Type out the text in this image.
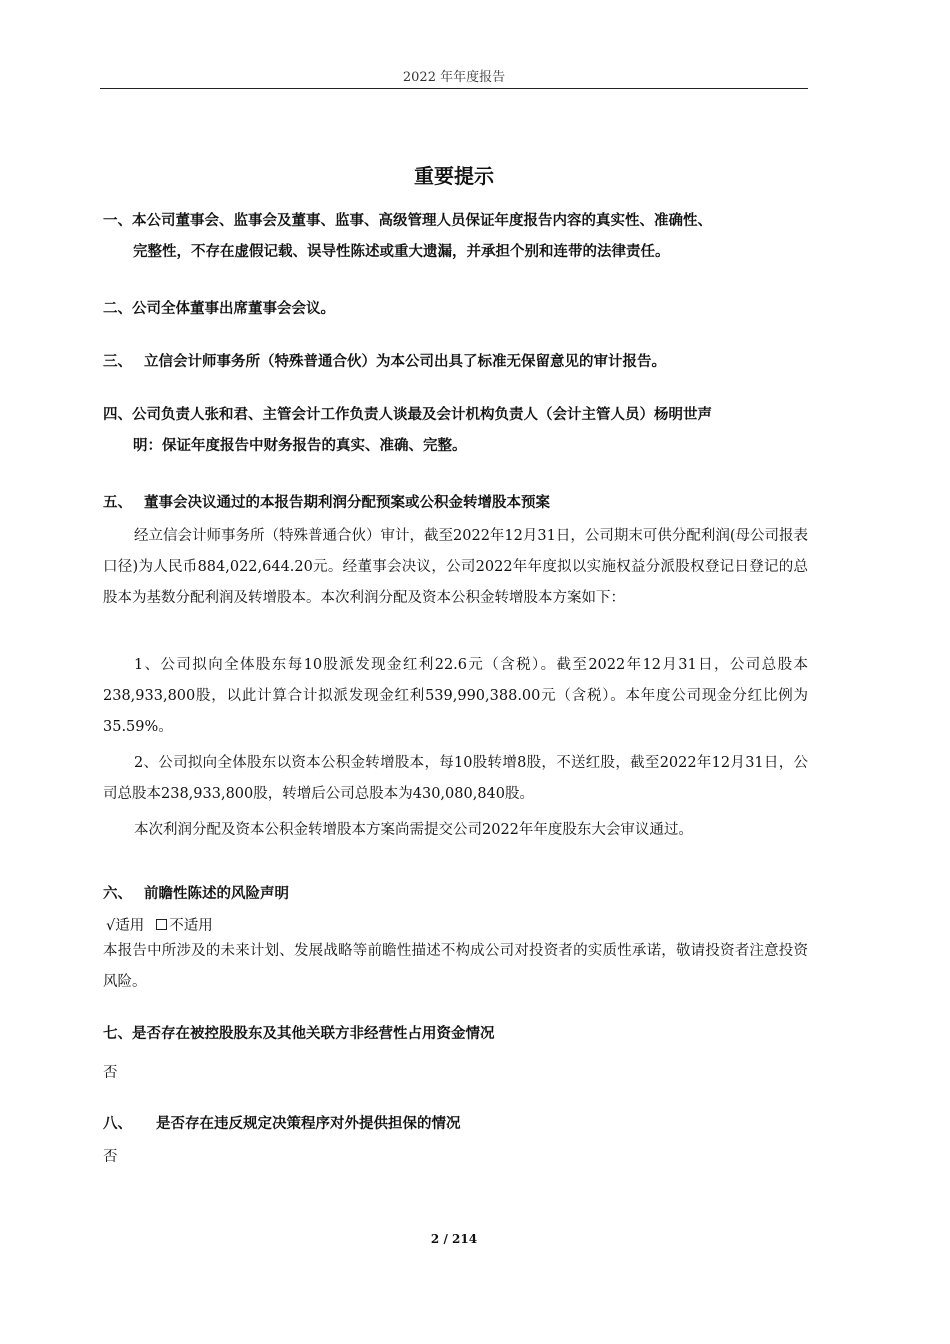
2022 年年度报告
重要提示
一、本公司董事会、监事会及董事、监事、高级管理人员保证年度报告内容的真实性、准确性、
完整性，不存在虚假记载、误导性陈述或重大遗漏，并承担个别和连带的法律责任。
二、公司全体董事出席董事会会议。
三、 立信会计师事务所（特殊普通合伙）为本公司出具了标准无保留意见的审计报告。
四、公司负责人张和君、主管会计工作负责人谈最及会计机构负责人（会计主管人员）杨明世声
明：保证年度报告中财务报告的真实、准确、完整。
五、 董事会决议通过的本报告期利润分配预案或公积金转增股本预案
经立信会计师事务所（特殊普通合伙）审计，截至2022年12月31日，公司期末可供分配利润(母公司报表口径)为人民币884,022,644.20元。经董事会决议，公司2022年年度拟以实施权益分派股权登记日登记的总股本为基数分配利润及转增股本。本次利润分配及资本公积金转增股本方案如下：
1、公司拟向全体股东每10股派发现金红利22.6元（含税）。截至2022年12月31日，公司总股本238,933,800股，以此计算合计拟派发现金红利539,990,388.00元（含税）。本年度公司现金分红比例为35.59%。
2、公司拟向全体股东以资本公积金转增股本，每10股转增8股，不送红股，截至2022年12月31日，公司总股本238,933,800股，转增后公司总股本为430,080,840股。
本次利润分配及资本公积金转增股本方案尚需提交公司2022年年度股东大会审议通过。
六、 前瞻性陈述的风险声明
√适用 不适用
本报告中所涉及的未来计划、发展战略等前瞻性描述不构成公司对投资者的实质性承诺，敬请投资者注意投资风险。
七、是否存在被控股股东及其他关联方非经营性占用资金情况
否
八、 是否存在违反规定决策程序对外提供担保的情况
否
2 / 214
